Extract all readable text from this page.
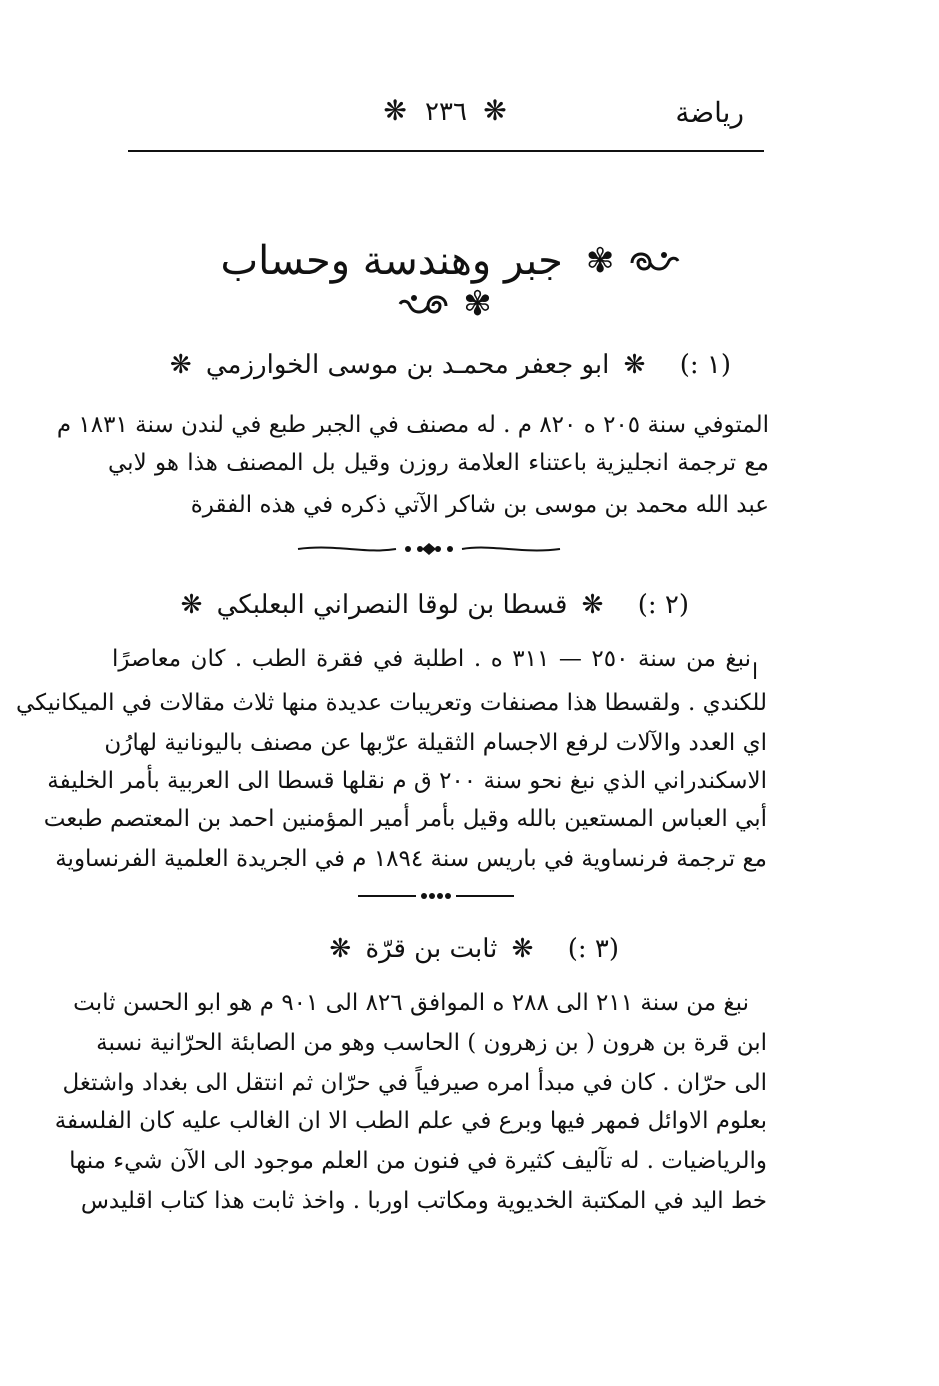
رياضة
❋ ٢٣٦ ❋
✾ جبر وهندسة وحساب ✾
(١ :) ❋ ابو جعفر محمـد بن موسى الخوارزمي ❋
المتوفي سنة ٢٠٥ ه ٨٢٠ م . له مصنف في الجبر طبع في لندن سنة ١٨٣١ م
مع ترجمة انجليزية باعتناء العلامة روزن وقيل بل المصنف هذا هو لابي
عبد الله محمد بن موسى بن شاكر الآتي ذكره في هذه الفقرة
(٢ :) ❋ قسطا بن لوقا النصراني البعلبكي ❋
ا
نبغ من سنة ٢٥٠ — ٣١١ ه . اطلبة في فقرة الطب . كان معاصرًا
للكندي . ولقسطا هذا مصنفات وتعريبات عديدة منها ثلاث مقالات في الميكانيكي
اي العدد والآلات لرفع الاجسام الثقيلة عرّبها عن مصنف باليونانية لهارُن
الاسكندراني الذي نبغ نحو سنة ٢٠٠ ق م نقلها قسطا الى العربية بأمر الخليفة
أبي العباس المستعين بالله وقيل بأمر أمير المؤمنين احمد بن المعتصم طبعت
مع ترجمة فرنساوية في باريس سنة ١٨٩٤ م في الجريدة العلمية الفرنساوية
(٣ :) ❋ ثابت بن قرّة ❋
نبغ من سنة ٢١١ الى ٢٨٨ ه الموافق ٨٢٦ الى ٩٠١ م هو ابو الحسن ثابت
ابن قرة بن هرون ( بن زهرون ) الحاسب وهو من الصابئة الحرّانية نسبة
الى حرّان . كان في مبدأ امره صيرفياً في حرّان ثم انتقل الى بغداد واشتغل
بعلوم الاوائل فمهر فيها وبرع في علم الطب الا ان الغالب عليه كان الفلسفة
والرياضيات . له تآليف كثيرة في فنون من العلم موجود الى الآن شيء منها
خط اليد في المكتبة الخديوية ومكاتب اوربا . واخذ ثابت هذا كتاب اقليدس
